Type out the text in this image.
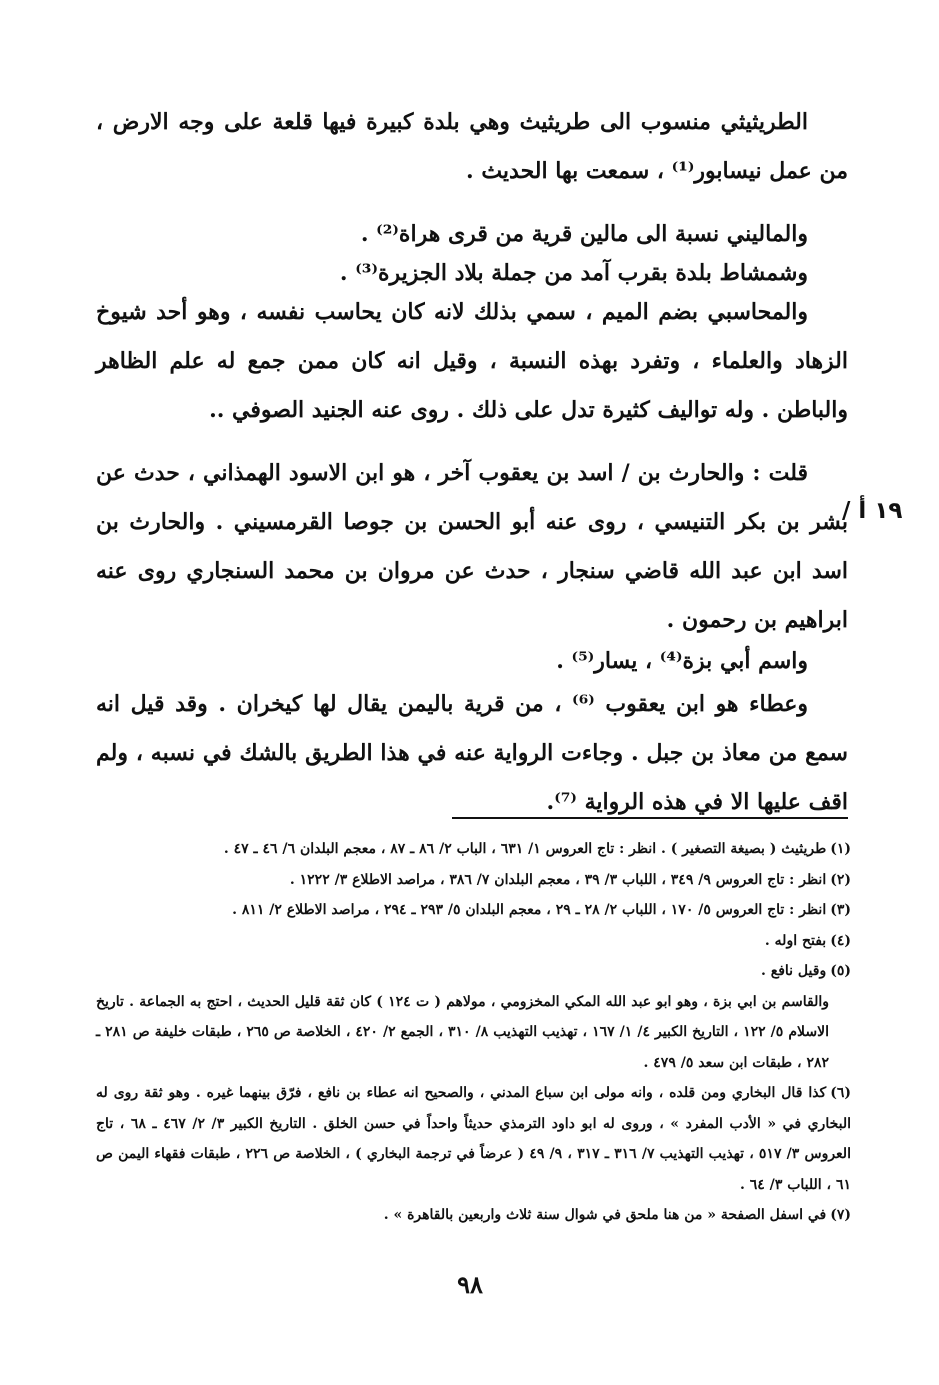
الطريثيثي منسوب الى طريثيث وهي بلدة كبيرة فيها قلعة على وجه الارض ، من عمل نيسابور⁽¹⁾ ، سمعت بها الحديث .

والماليني نسبة الى مالين قرية من قرى هراة⁽²⁾ .

وشمشاط بلدة بقرب آمد من جملة بلاد الجزيرة⁽³⁾ .

والمحاسبي بضم الميم ، سمي بذلك لانه كان يحاسب نفسه ، وهو أحد شيوخ الزهاد والعلماء ، وتفرد بهذه النسبة ، وقيل انه كان ممن جمع له علم الظاهر والباطن . وله تواليف كثيرة تدل على ذلك . روى عنه الجنيد الصوفي ..

قلت : والحارث بن / اسد بن يعقوب آخر ، هو ابن الاسود الهمذاني ، حدث عن بشر بن بكر التنيسي ، روى عنه أبو الحسن بن جوصا القرمسيني . والحارث بن اسد ابن عبد الله قاضي سنجار ، حدث عن مروان بن محمد السنجاري روى عنه ابراهيم بن رحمون .

واسم أبي بزة⁽⁴⁾ ، يسار⁽⁵⁾ .

وعطاء هو ابن يعقوب ⁽⁶⁾ ، من قرية باليمن يقال لها كيخران . وقد قيل انه سمع من معاذ بن جبل . وجاءت الرواية عنه في هذا الطريق بالشك في نسبه ، ولم اقف عليها الا في هذه الرواية ⁽⁷⁾.

/ ١٩ أ

(١)طريثيث ( بصيغة التصغير ) . انظر : تاج العروس ١/ ٦٣١ ، الباب ٢/ ٨٦ ـ ٨٧ ، معجم البلدان ٦/ ٤٦ ـ ٤٧ .

(٢)انظر : تاج العروس ٩/ ٣٤٩ ، اللباب ٣/ ٣٩ ، معجم البلدان ٧/ ٣٨٦ ، مراصد الاطلاع ٣/ ١٢٢٢ .

(٣)انظر : تاج العروس ٥/ ١٧٠ ، اللباب ٢/ ٢٨ ـ ٢٩ ، معجم البلدان ٥/ ٢٩٣ ـ ٢٩٤ ، مراصد الاطلاع ٢/ ٨١١ .

(٤)بفتح اوله .

(٥)وقيل نافع .

والقاسم بن ابي بزة ، وهو ابو عبد الله المكي المخزومي ، مولاهم ( ت ١٢٤ ) كان ثقة قليل الحديث ، احتج به الجماعة . تاريخ الاسلام ٥/ ١٢٢ ، التاريخ الكبير ٤/ ١/ ١٦٧ ، تهذيب التهذيب ٨/ ٣١٠ ، الجمع ٢/ ٤٢٠ ، الخلاصة ص ٢٦٥ ، طبقات خليفة ص ٢٨١ ـ ٢٨٢ ، طبقات ابن سعد ٥/ ٤٧٩ .

(٦)كذا قال البخاري ومن قلده ، وانه مولى ابن سباع المدني ، والصحيح انه عطاء بن نافع ، فرّق بينهما غيره . وهو ثقة روى له البخاري في « الأدب المفرد » ، وروى له ابو داود الترمذي حديثاً واحداً في حسن الخلق . التاريخ الكبير ٣/ ٢/ ٤٦٧ ـ ٦٨ ، تاج العروس ٣/ ٥١٧ ، تهذيب التهذيب ٧/ ٣١٦ ـ ٣١٧ ، ٩/ ٤٩ ( عرضاً في ترجمة البخاري ) ، الخلاصة ص ٢٢٦ ، طبقات فقهاء اليمن ص ٦١ ، اللباب ٣/ ٦٤ .

(٧)في اسفل الصفحة « من هنا ملحق في شوال سنة ثلاث واربعين بالقاهرة » .

٩٨
